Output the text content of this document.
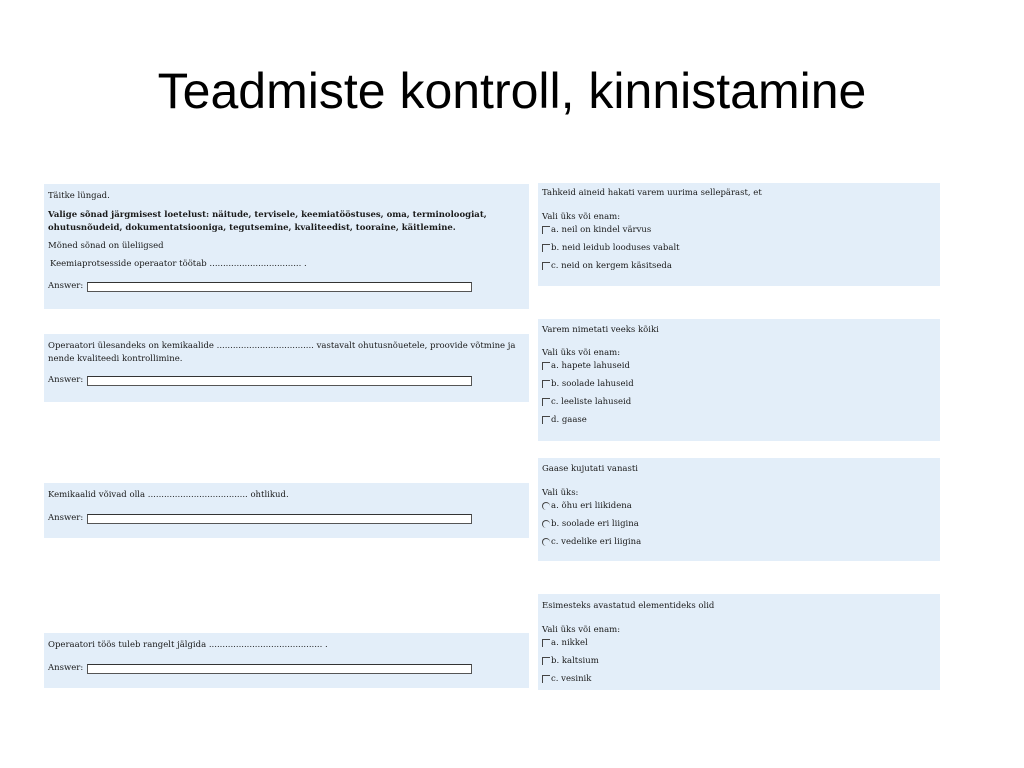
Teadmiste kontroll, kinnistamine

Täitke lüngad.

Valige sõnad järgmisest loetelust: näitude, tervisele, keemiatööstuses, oma, terminoloogiat, ohutusnõudeid, dokumentatsiooniga, tegutsemine, kvaliteedist, tooraine, käitlemine.

Mõned sõnad on üleliigsed

Keemiaprotsesside operaator töötab .................................. .

Answer:

Operaatori ülesandeks on kemikaalide .................................... vastavalt ohutusnõuetele, proovide võtmine ja nende kvaliteedi kontrollimine.

Answer:

Kemikaalid võivad olla ..................................... ohtlikud.

Answer:

Operaatori töös tuleb rangelt jälgida .......................................... .

Answer:

Tahkeid aineid hakati varem uurima sellepärast, et

Vali üks või enam:

a. neil on kindel värvus
b. neid leidub looduses vabalt
c. neid on kergem käsitseda

Varem nimetati veeks kõiki

Vali üks või enam:

a. hapete lahuseid
b. soolade lahuseid
c. leeliste lahuseid
d. gaase

Gaase kujutati vanasti

Vali üks:

a. õhu eri liikidena
b. soolade eri liigina
c. vedelike eri liigina

Esimesteks avastatud elementideks olid

Vali üks või enam:

a. nikkel
b. kaltsium
c. vesinik
